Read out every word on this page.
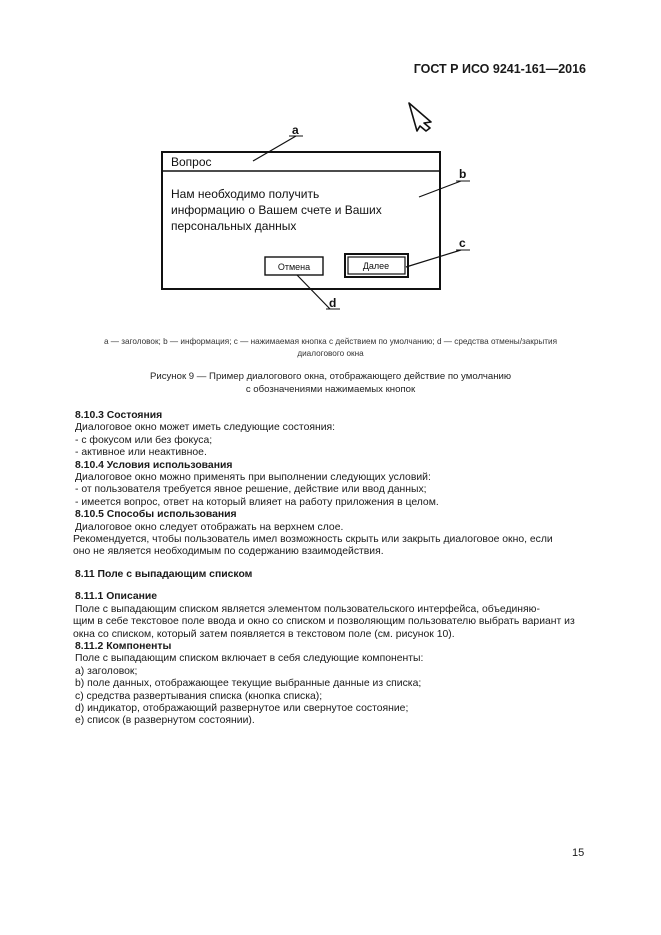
ГОСТ Р ИСО 9241-161—2016
Вопрос
Нам необходимо получить
информацию о Вашем счете и Ваших
персональных данных
Отмена	Далее
a
b
c
d
a — заголовок; b — информация; c — нажимаемая кнопка с действием по умолчанию; d — средства отмены/закрытия
диалогового окна
Рисунок 9 — Пример диалогового окна, отображающего действие по умолчанию
с обозначениями нажимаемых кнопок

8.10.3 Состояния

Диалоговое окно может иметь следующие состояния:

- с фокусом или без фокуса;

- активное или неактивное.

8.10.4 Условия использования

Диалоговое окно можно применять при выполнении следующих условий:

- от пользователя требуется явное решение, действие или ввод данных;

- имеется вопрос, ответ на который влияет на работу приложения в целом.

8.10.5 Способы использования

Диалоговое окно следует отображать на верхнем слое.

Рекомендуется, чтобы пользователь имел возможность скрыть или закрыть диалоговое окно, если

оно не является необходимым по содержанию взаимодействия.

8.11 Поле с выпадающим списком

8.11.1 Описание

Поле с выпадающим списком является элементом пользовательского интерфейса, объединяю-

щим в себе текстовое поле ввода и окно со списком и позволяющим пользователю выбрать вариант из

окна со списком, который затем появляется в текстовом поле (см. рисунок 10).

8.11.2 Компоненты

Поле с выпадающим списком включает в себя следующие компоненты:

a) заголовок;

b) поле данных, отображающее текущие выбранные данные из списка;

c) средства развертывания списка (кнопка списка);

d) индикатор, отображающий развернутое или свернутое состояние;

e) список (в развернутом состоянии).

15
